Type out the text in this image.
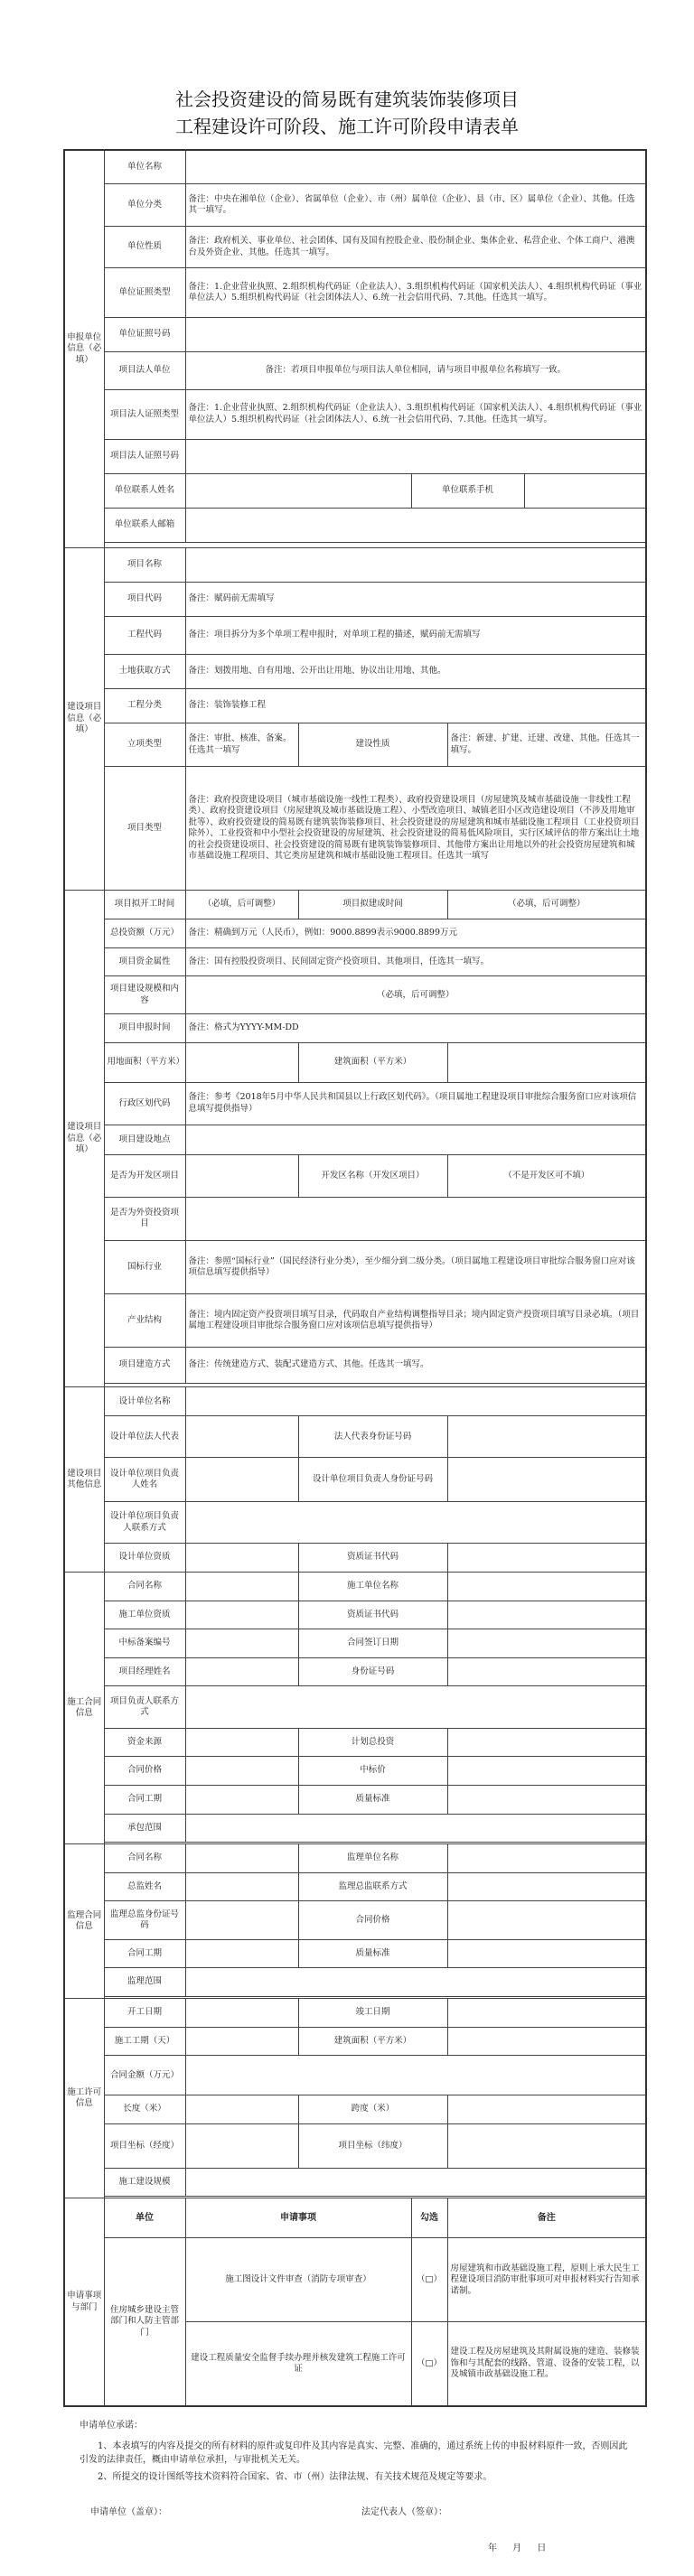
社会投资建设的简易既有建筑装饰装修项目
工程建设许可阶段、施工许可阶段申请表单
申报单位信息（必填）	单位名称					
	单位分类	备注：中央在湘单位（企业）、省属单位（企业）、市（州）属单位（企业）、县（市、区）属单位（企业）、其他。任选其一填写。				
	单位性质	备注：政府机关、事业单位、社会团体、国有及国有控股企业、股份制企业、集体企业、私营企业、个体工商户、港澳台及外资企业、其他。任选其一填写。				
	单位证照类型	备注：1.企业营业执照、2.组织机构代码证（企业法人）、3.组织机构代码证（国家机关法人）、4.组织机构代码证（事业单位法人）5.组织机构代码证（社会团体法人）、6.统一社会信用代码、7.其他。任选其一填写。				
	单位证照号码					
	项目法人单位	备注：若项目申报单位与项目法人单位相同，请与项目申报单位名称填写一致。				
	项目法人证照类型	备注：1.企业营业执照、2.组织机构代码证（企业法人）、3.组织机构代码证（国家机关法人）、4.组织机构代码证（事业单位法人）5.组织机构代码证（社会团体法人）、6.统一社会信用代码、7.其他。任选其一填写。				
	项目法人证照号码					
	单位联系人姓名			单位联系手机		
	单位联系人邮箱					

建设项目信息（必填）	项目名称					
	项目代码	备注：赋码前无需填写				
	工程代码	备注：项目拆分为多个单项工程申报时，对单项工程的描述，赋码前无需填写				
	土地获取方式	备注：划拨用地、自有用地、公开出让用地、协议出让用地、其他。				
	工程分类	备注：装饰装修工程				
	立项类型	备注：审批、核准、备案。任选其一填写	建设性质		备注：新建、扩建、迁建、改建、其他。任选其一填写。	
	项目类型	备注：政府投资建设项目（城市基础设施一线性工程类）、政府投资建设项目（房屋建筑及城市基础设施一非线性工程类）、政府投资建设项目（房屋建筑及城市基础设施工程）、小型改造项目、城镇老旧小区改造建设项目（不涉及用地审批等）、政府投资建设的简易既有建筑装饰装修项目、社会投资建设的房屋建筑和城市基础设施工程项目（工业投资项目除外）、工业投资和中小型社会投资建设的房屋建筑、社会投资建设的简易低风险项目，实行区域评估的带方案出让土地的社会投资建设项目、社会投资建设的简易既有建筑装饰装修项目、其他带方案出让用地以外的社会投资房屋建筑和城市基础设施工程项目、其它类房屋建筑和城市基础设施工程项目。任选其一填写				
建设项目信息（必填）	项目拟开工时间	（必填，后可调整）	项目拟建成时间		（必填，后可调整）	
	总投资额（万元）	备注：精确到万元（人民币），例如：9000.8899表示9000.8899万元				
	项目资金属性	备注：国有控股投资项目、民间固定资产投资项目、其他项目，任选其一填写。				
	项目建设规模和内容	（必填，后可调整）				
	项目申报时间	备注：格式为YYYY-MM-DD				
	用地面积（平方米）		建筑面积（平方米）			
	行政区划代码	备注：参考《2018年5月中华人民共和国县以上行政区划代码》。（项目属地工程建设项目审批综合服务窗口应对该项信息填写提供指导）				
	项目建设地点					
	是否为开发区项目		开发区名称（开发区项目）		（不是开发区可不填）	
	是否为外资投资项目					
	国标行业	备注：参照“国标行业”（国民经济行业分类），至少细分到二级分类。（项目属地工程建设项目审批综合服务窗口应对该项信息填写提供指导）				
	产业结构	备注：境内固定资产投资项目填写目录，代码取自产业结构调整指导目录；境内固定资产投资项目填写目录必填。（项目属地工程建设项目审批综合服务窗口应对该项信息填写提供指导）				
	项目建造方式	备注：传统建造方式、装配式建造方式、其他。任选其一填写。				

建设项目其他信息	设计单位名称					
	设计单位法人代表		法人代表身份证号码			
	设计单位项目负责人姓名		设计单位项目负责人身份证号码			
	设计单位项目负责人联系方式					
	设计单位资质		资质证书代码			
施工合同信息	合同名称		施工单位名称			
	施工单位资质		资质证书代码			
	中标备案编号		合同签订日期			
	项目经理姓名		身份证号码			
	项目负责人联系方式					
	资金来源		计划总投资			
	合同价格		中标价			
	合同工期		质量标准			
	承包范围					

监理合同信息	合同名称		监理单位名称			
	总监姓名		监理总监联系方式			
	监理总监身份证号码		合同价格			
	合同工期		质量标准			
	监理范围					

施工许可信息	开工日期		竣工日期			
	施工工期（天）		建筑面积（平方米）			
	合同金额（万元）					
	长度（米）		跨度（米）			
	项目坐标（经度）		项目坐标（纬度）			
	施工建设规模					

申请事项与部门	单位	申请事项		勾选	备注	
	住房城乡建设主管部门和人防主管部门	施工图设计文件审查（消防专项审查）		（□）	房屋建筑和市政基础设施工程，原则上承大民生工程建设项目消防审批事项可对申报材料实行告知承诺制。	
		建设工程质量安全监督手续办理并核发建筑工程施工许可证		（□）	建设工程及房屋建筑及其附属设施的建造、装修装饰和与其配套的线路、管道、设备的安装工程，以及城镇市政基础设施工程。	

申请单位承诺：

1、本表填写的内容及提交的所有材料的原件或复印件及其内容是真实、完整、准确的，通过系统上传的申报材料原件一致，否则因此引发的法律责任，概由申请单位承担，与审批机关无关。

2、所提交的设计图纸等技术资料符合国家、省、市（州）法律法规、有关技术规范及规定等要求。

申请单位（盖章）：	法定代表人（签章）：
年 月 日
